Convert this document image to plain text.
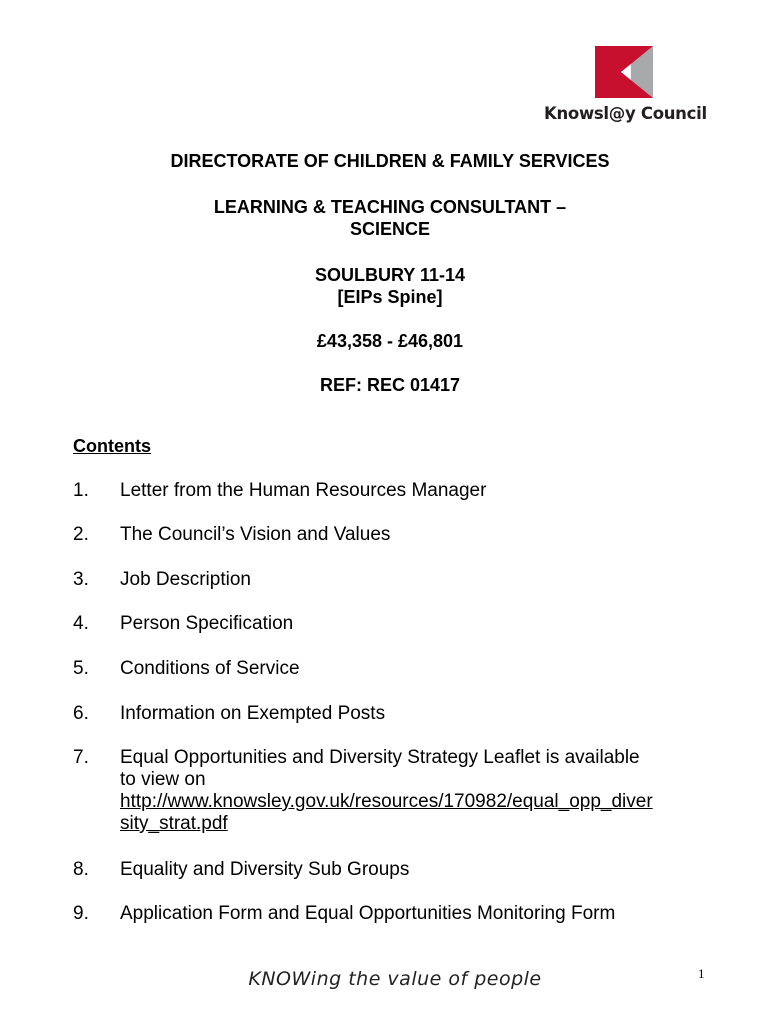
Knowsl@y Council
DIRECTORATE OF CHILDREN & FAMILY SERVICES
LEARNING & TEACHING CONSULTANT –
SCIENCE
SOULBURY 11-14
[EIPs Spine]
£43,358 - £46,801
REF: REC 01417
Contents
1. Letter from the Human Resources Manager
2. The Council’s Vision and Values
3. Job Description
4. Person Specification
5. Conditions of Service
6. Information on Exempted Posts
7. Equal Opportunities and Diversity Strategy Leaflet is available
to view on
http://www.knowsley.gov.uk/resources/170982/equal_opp_diver
sity_strat.pdf
8. Equality and Diversity Sub Groups
9. Application Form and Equal Opportunities Monitoring Form
KNOWing the value of people	1
